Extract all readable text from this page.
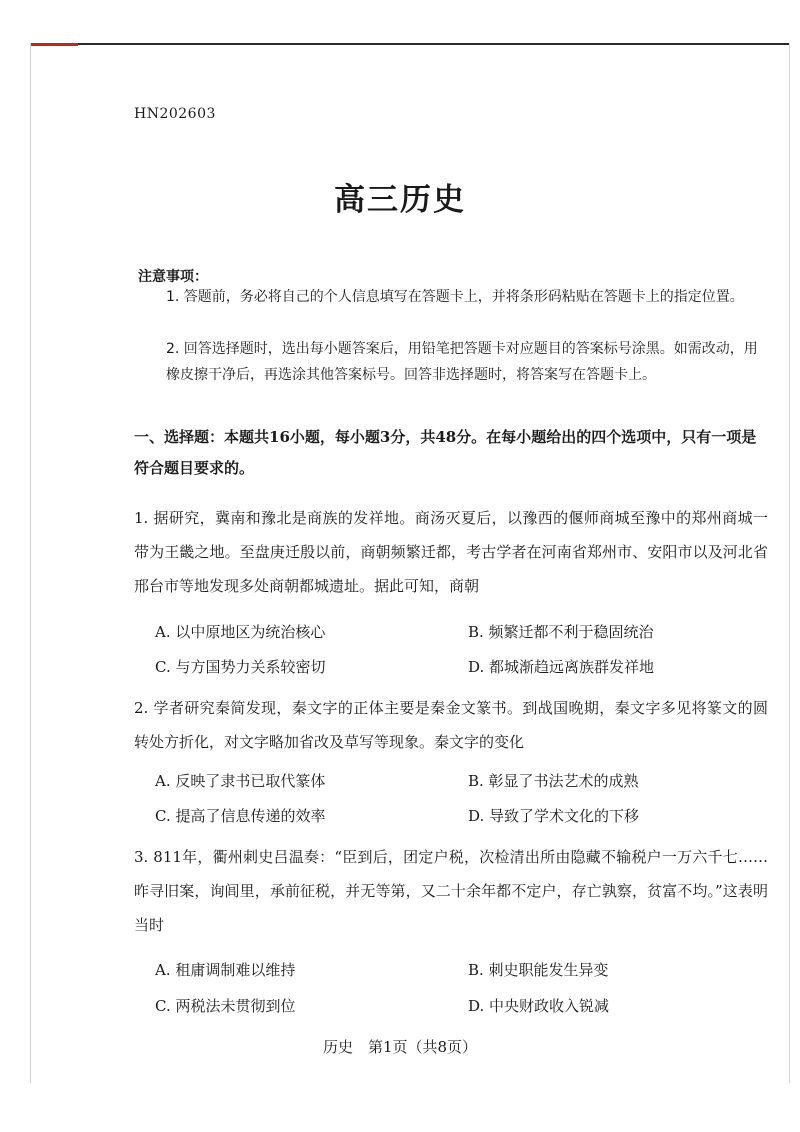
HN202603
高三历史
注意事项：
1. 答题前，务必将自己的个人信息填写在答题卡上，并将条形码粘贴在答题卡上的指定位置。
2. 回答选择题时，选出每小题答案后，用铅笔把答题卡对应题目的答案标号涂黑。如需改动，用橡皮擦干净后，再选涂其他答案标号。回答非选择题时，将答案写在答题卡上。
一、选择题：本题共16小题，每小题3分，共48分。在每小题给出的四个选项中，只有一项是符合题目要求的。
1. 据研究，冀南和豫北是商族的发祥地。商汤灭夏后，以豫西的偃师商城至豫中的郑州商城一带为王畿之地。至盘庚迁殷以前，商朝频繁迁都，考古学者在河南省郑州市、安阳市以及河北省邢台市等地发现多处商朝都城遗址。据此可知，商朝
A. 以中原地区为统治核心	B. 频繁迁都不利于稳固统治
C. 与方国势力关系较密切	D. 都城渐趋远离族群发祥地
2. 学者研究秦简发现，秦文字的正体主要是秦金文篆书。到战国晚期，秦文字多见将篆文的圆转处方折化，对文字略加省改及草写等现象。秦文字的变化
A. 反映了隶书已取代篆体	B. 彰显了书法艺术的成熟
C. 提高了信息传递的效率	D. 导致了学术文化的下移
3. 811年，衢州刺史吕温奏：“臣到后，团定户税，次检清出所由隐藏不输税户一万六千七……昨寻旧案，询闾里，承前征税，并无等第，又二十余年都不定户，存亡孰察，贫富不均。”这表明当时
A. 租庸调制难以维持	B. 刺史职能发生异变
C. 两税法未贯彻到位	D. 中央财政收入锐减
历史　第1页（共8页）
